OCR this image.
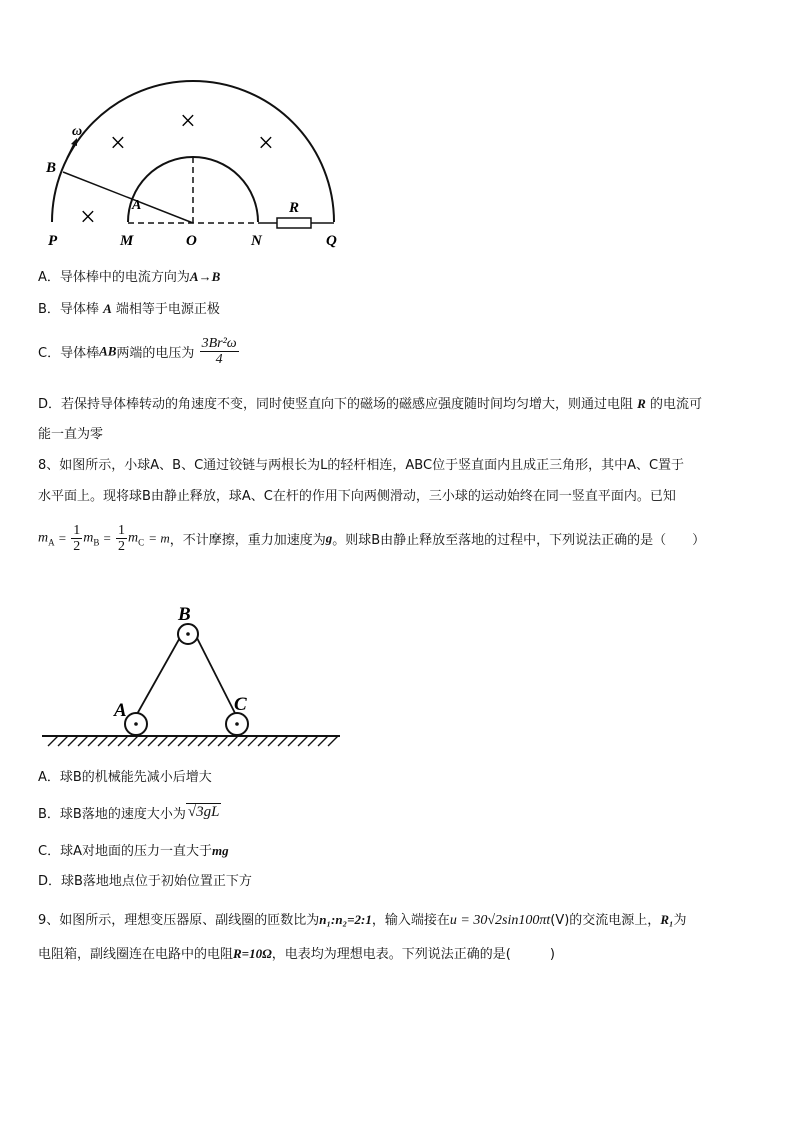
ω
B
A	R
P	M	O	N	Q
×
×
×
×
A．导体棒中的电流方向为A→B
B．导体棒 A 端相等于电源正极
C．导体棒AB两端的电压为 $\frac{\text{3Br²ω}}{4}$
D．若保持导体棒转动的角速度不变，同时使竖直向下的磁场的磁感应强度随时间均匀增大，则通过电阻 R 的电流可
能一直为零
8、如图所示，小球A、B、C通过铰链与两根长为L的轻杆相连，ABC位于竖直面内且成正三角形，其中A、C置于
水平面上。现将球B由静止释放，球A、C在杆的作用下向两侧滑动，三小球的运动始终在同一竖直平面内。已知
$m_A = \frac{1}{2} m_B = \frac{1}{2} m_C = m$，不计摩擦，重力加速度为g。则球B由静止释放至落地的过程中，下列说法正确的是（　　）
B
A	C
A．球B的机械能先减小后增大
B．球B落地的速度大小为 √3gL
C．球A对地面的压力一直大于mg
D．球B落地地点位于初始位置正下方
9、如图所示，理想变压器原、副线圈的匝数比为n₁:n₂=2:1，输入端接在u = 30√2sin100πt(V)的交流电源上，R₁为
电阻箱，副线圈连在电路中的电阻R=10Ω，电表均为理想电表。下列说法正确的是(　　　)
